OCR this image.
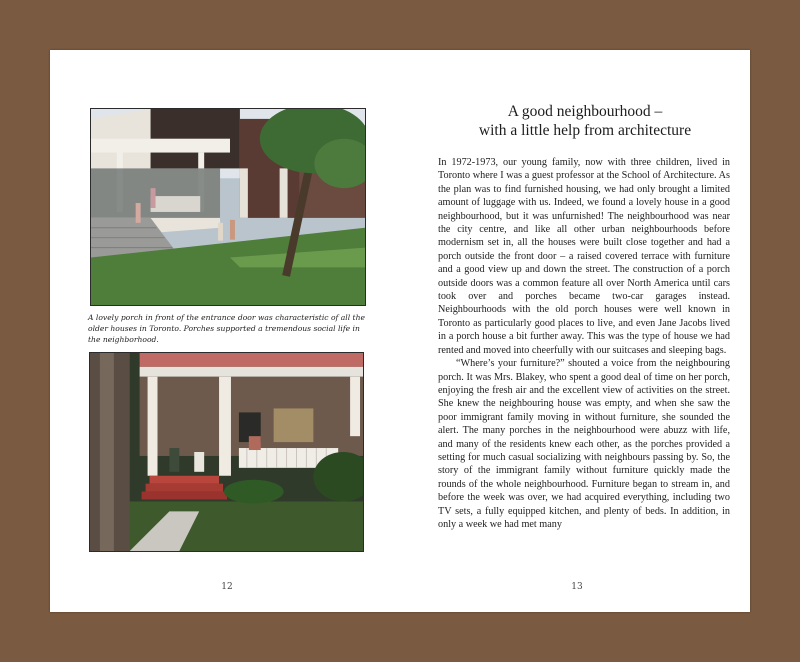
A lovely porch in front of the entrance door was characteristic of all the older houses in Toronto. Porches supported a tremendous social life in the neighborhood.
12
A good neighbourhood –
with a little help from architecture

In 1972-1973, our young family, now with three children, lived in Toronto where I was a guest professor at the School of Architecture. As the plan was to find furnished housing, we had only brought a limited amount of luggage with us. Indeed, we found a lovely house in a good neighbourhood, but it was unfurnished! The neighbourhood was near the city centre, and like all other urban neighbourhoods before modernism set in, all the houses were built close together and had a porch outside the front door – a raised covered terrace with furniture and a good view up and down the street. The construction of a porch outside doors was a common feature all over North America until cars took over and porches became two-car garages instead. Neighbourhoods with the old porch houses were well known in Toronto as particularly good places to live, and even Jane Jacobs lived in a porch house a bit further away. This was the type of house we had rented and moved into cheerfully with our suitcases and sleeping bags.

“Where’s your furniture?” shouted a voice from the neighbouring porch. It was Mrs. Blakey, who spent a good deal of time on her porch, enjoying the fresh air and the excellent view of activities on the street. She knew the neighbouring house was empty, and when she saw the poor immigrant family moving in without furniture, she sounded the alert. The many porches in the neighbourhood were abuzz with life, and many of the residents knew each other, as the porches provided a setting for much casual socializing with neighbours passing by. So, the story of the immigrant family without furniture quickly made the rounds of the whole neighbourhood. Furniture began to stream in, and before the week was over, we had acquired everything, including two TV sets, a fully equipped kitchen, and plenty of beds. In addition, in only a week we had met many

13
